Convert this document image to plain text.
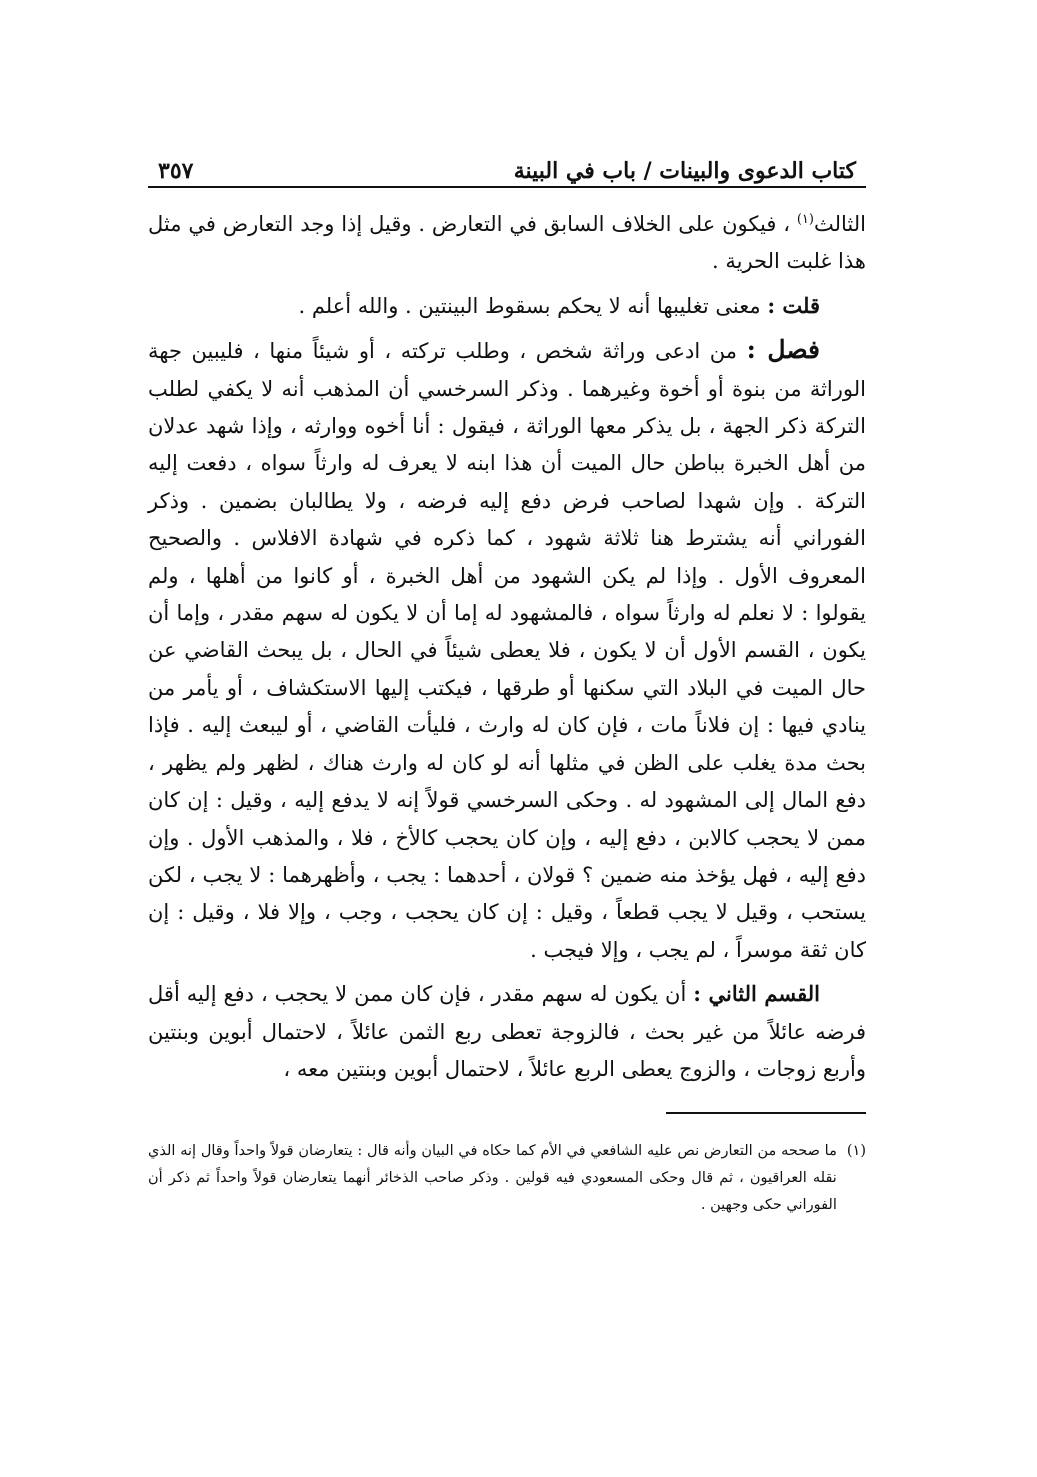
كتاب الدعوى والبينات / باب في البينة
٣٥٧

الثالث$^{(١)}$ ، فيكون على الخلاف السابق في التعارض . وقيل إذا وجد التعارض في مثل هذا غلبت الحرية .

قلت : معنى تغليبها أنه لا يحكم بسقوط البينتين . والله أعلم .

فصل : من ادعى وراثة شخص ، وطلب تركته ، أو شيئاً منها ، فليبين جهة الوراثة من بنوة أو أخوة وغيرهما . وذكر السرخسي أن المذهب أنه لا يكفي لطلب التركة ذكر الجهة ، بل يذكر معها الوراثة ، فيقول : أنا أخوه ووارثه ، وإذا شهد عدلان من أهل الخبرة بباطن حال الميت أن هذا ابنه لا يعرف له وارثاً سواه ، دفعت إليه التركة . وإن شهدا لصاحب فرض دفع إليه فرضه ، ولا يطالبان بضمين . وذكر الفوراني أنه يشترط هنا ثلاثة شهود ، كما ذكره في شهادة الافلاس . والصحيح المعروف الأول . وإذا لم يكن الشهود من أهل الخبرة ، أو كانوا من أهلها ، ولم يقولوا : لا نعلم له وارثاً سواه ، فالمشهود له إما أن لا يكون له سهم مقدر ، وإما أن يكون ، القسم الأول أن لا يكون ، فلا يعطى شيئاً في الحال ، بل يبحث القاضي عن حال الميت في البلاد التي سكنها أو طرقها ، فيكتب إليها الاستكشاف ، أو يأمر من ينادي فيها : إن فلاناً مات ، فإن كان له وارث ، فليأت القاضي ، أو ليبعث إليه . فإذا بحث مدة يغلب على الظن في مثلها أنه لو كان له وارث هناك ، لظهر ولم يظهر ، دفع المال إلى المشهود له . وحكى السرخسي قولاً إنه لا يدفع إليه ، وقيل : إن كان ممن لا يحجب كالابن ، دفع إليه ، وإن كان يحجب كالأخ ، فلا ، والمذهب الأول . وإن دفع إليه ، فهل يؤخذ منه ضمين ؟ قولان ، أحدهما : يجب ، وأظهرهما : لا يجب ، لكن يستحب ، وقيل لا يجب قطعاً ، وقيل : إن كان يحجب ، وجب ، وإلا فلا ، وقيل : إن كان ثقة موسراً ، لم يجب ، وإلا فيجب .

القسم الثاني : أن يكون له سهم مقدر ، فإن كان ممن لا يحجب ، دفع إليه أقل فرضه عائلاً من غير بحث ، فالزوجة تعطى ربع الثمن عائلاً ، لاحتمال أبوين وبنتين وأربع زوجات ، والزوج يعطى الربع عائلاً ، لاحتمال أبوين وبنتين معه ،

(١)
ما صححه من التعارض نص عليه الشافعي في الأم كما حكاه في البيان وأنه قال : يتعارضان قولاً واحداً وقال إنه الذي نقله العراقيون ، ثم قال وحكى المسعودي فيه قولين . وذكر صاحب الذخائر أنهما يتعارضان قولاً واحداً ثم ذكر أن الفوراني حكى وجهين .
